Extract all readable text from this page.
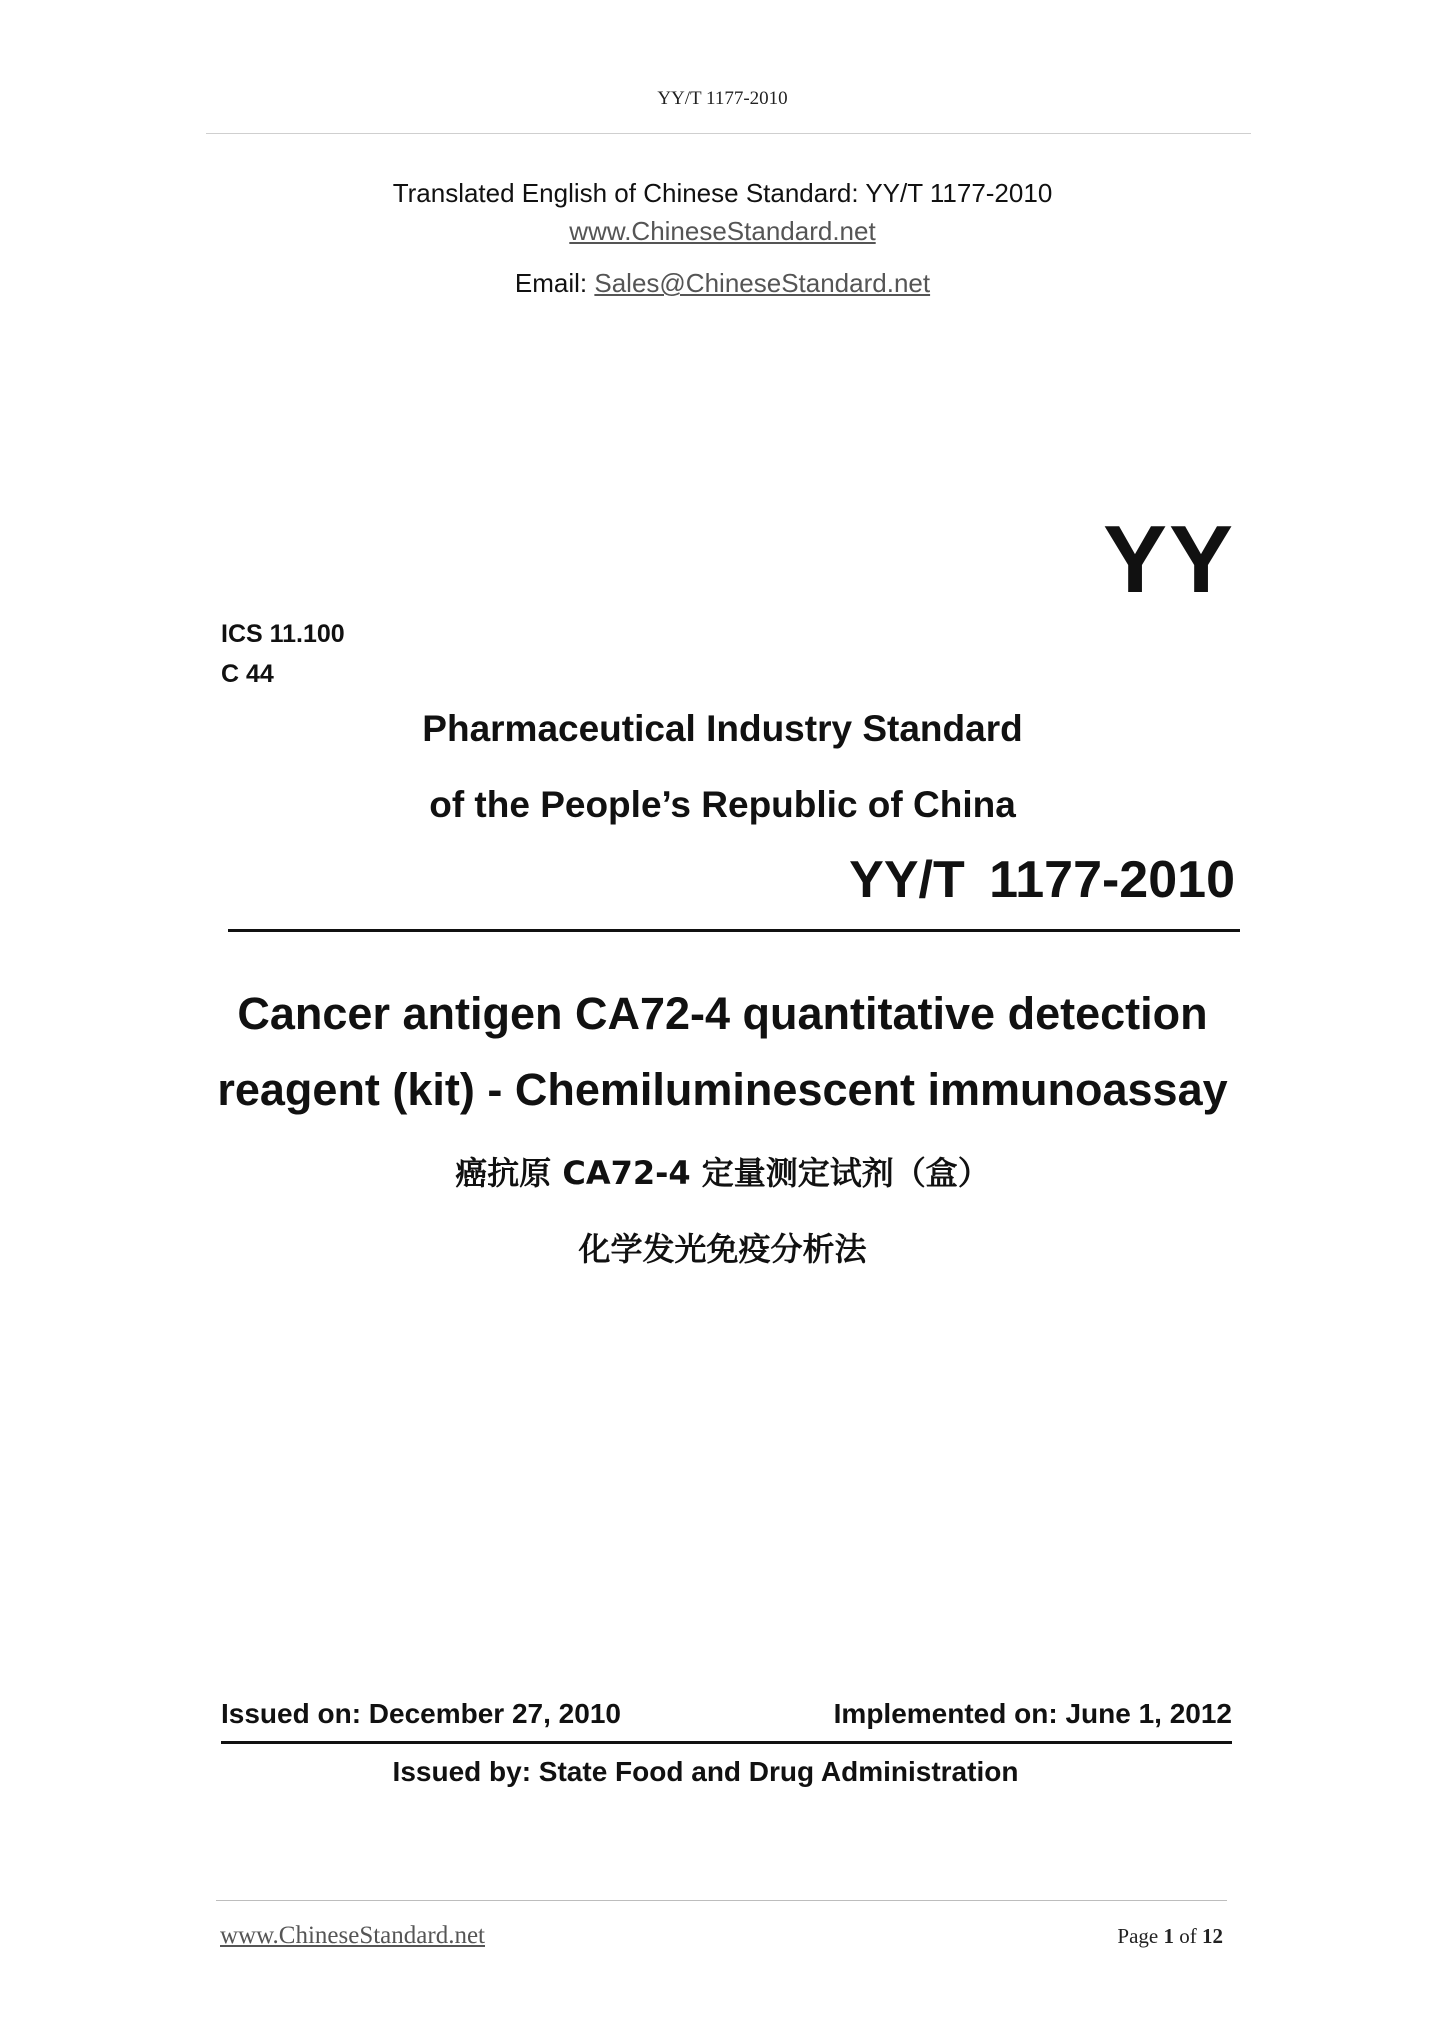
YY/T 1177-2010
Translated English of Chinese Standard: YY/T 1177-2010
www.ChineseStandard.net
Email: Sales@ChineseStandard.net
YY
ICS 11.100
C 44
Pharmaceutical Industry Standard
of the People’s Republic of China
YY/T 1177-2010
Cancer antigen CA72-4 quantitative detection
reagent (kit) - Chemiluminescent immunoassay
癌抗原 CA72-4 定量测定试剂（盒）
化学发光免疫分析法
Issued on: December 27, 2010	Implemented on: June 1, 2012
Issued by: State Food and Drug Administration
www.ChineseStandard.net	Page 1 of 12
